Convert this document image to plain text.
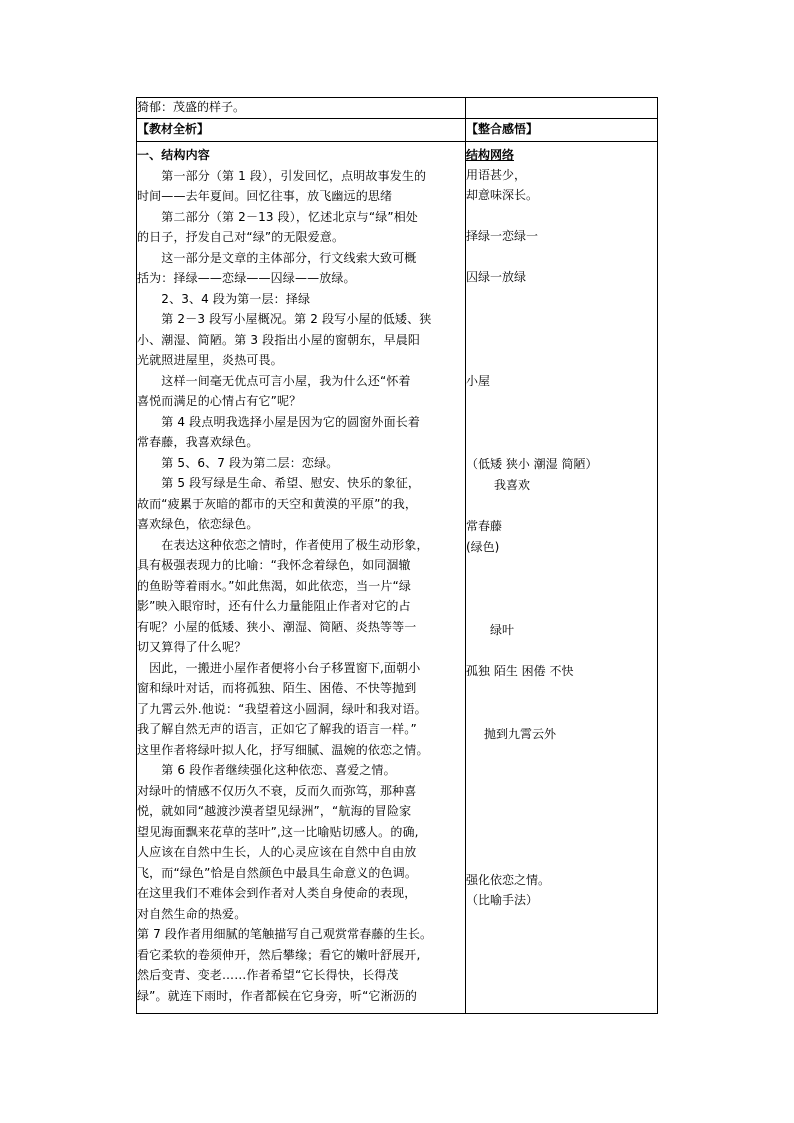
猗郁：茂盛的样子。
【教材全析】	【整合感悟】

一、结构内容

　　第一部分（第 1 段），引发回忆，点明故事发生的

时间——去年夏间。回忆往事，放飞幽远的思绪

　　第二部分（第 2－13 段），忆述北京与“绿”相处

的日子，抒发自己对“绿”的无限爱意。

　　这一部分是文章的主体部分，行文线索大致可概

括为：择绿——恋绿——囚绿——放绿。

　　2、3、4 段为第一层：择绿

　　第 2－3 段写小屋概况。第 2 段写小屋的低矮、狭

小、潮湿、简陋。第 3 段指出小屋的窗朝东，早晨阳

光就照进屋里，炎热可畏。

　　这样一间毫无优点可言小屋，我为什么还“怀着

喜悦而满足的心情占有它”呢？

　　第 4 段点明我选择小屋是因为它的圆窗外面长着

常春藤，我喜欢绿色。

　　第 5、6、7 段为第二层：恋绿。

　　第 5 段写绿是生命、希望、慰安、快乐的象征，

故而“疲累于灰暗的都市的天空和黄漠的平原”的我，

喜欢绿色，依恋绿色。

　　在表达这种依恋之情时，作者使用了极生动形象，

具有极强表现力的比喻：“我怀念着绿色，如同涸辙

的鱼盼等着雨水。”如此焦渴，如此依恋，当一片“绿

影”映入眼帘时，还有什么力量能阻止作者对它的占

有呢？小屋的低矮、狭小、潮湿、简陋、炎热等等一

切又算得了什么呢？

　因此，一搬进小屋作者便将小台子移置窗下,面朝小

窗和绿叶对话，而将孤独、陌生、困倦、不快等抛到

了九霄云外.他说：“我望着这小圆洞，绿叶和我对语。

我了解自然无声的语言，正如它了解我的语言一样。”

这里作者将绿叶拟人化，抒写细腻、温婉的依恋之情。

　　第 6 段作者继续强化这种依恋、喜爱之情。

对绿叶的情感不仅历久不衰，反而久而弥笃，那种喜

悦，就如同“越渡沙漠者望见绿洲”，“航海的冒险家

望见海面飘来花草的茎叶”,这一比喻贴切感人。的确,

人应该在自然中生长，人的心灵应该在自然中自由放

飞，而“绿色”恰是自然颜色中最具生命意义的色调。

在这里我们不难体会到作者对人类自身使命的表现，

对自然生命的热爱。

第 7 段作者用细腻的笔触描写自己观赏常春藤的生长。

看它柔软的卷须伸开，然后攀缘；看它的嫩叶舒展开,

然后变青、变老……作者希望“它长得快，长得茂

绿”。就连下雨时，作者都候在它身旁，听“它淅沥的

结构网络
用语甚少，
却意味深长。
择绿一恋绿一
囚绿一放绿
小屋
（低矮 狭小 潮湿 简陋）
我喜欢
常春藤
(绿色)
绿叶
孤独 陌生 困倦 不快
抛到九霄云外
强化依恋之情。
（比喻手法）
